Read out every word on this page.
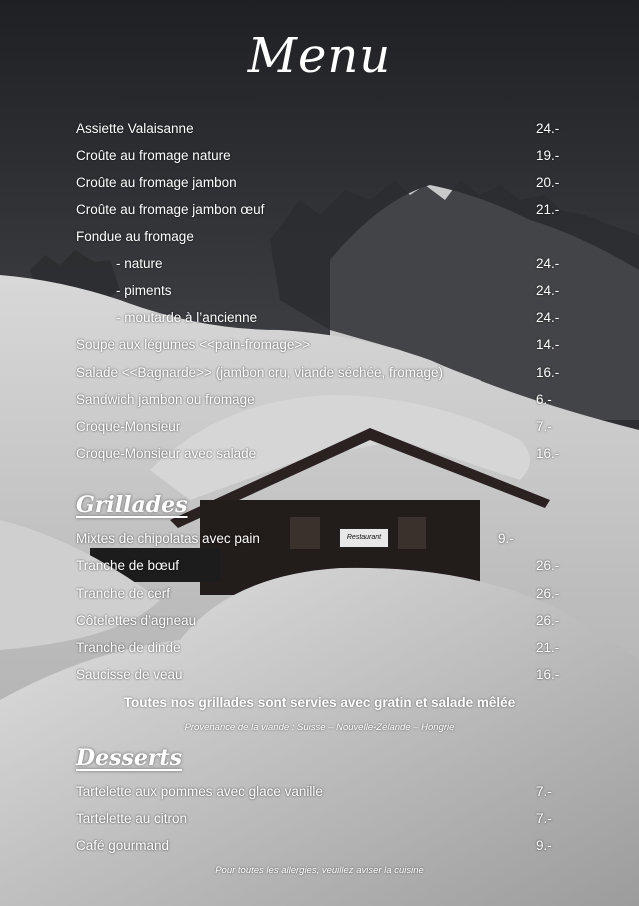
Restaurant
Menu
Assiette Valaisanne	24.-
Croûte au fromage nature	19.-
Croûte au fromage jambon	20.-
Croûte au fromage jambon œuf	21.-
Fondue au fromage
- nature	24.-
- piments	24.-
- moutarde à l’ancienne	24.-
Soupe aux légumes <<pain-fromage>>	14.-
Salade <<Bagnarde>> (jambon cru, viande séchée, fromage)	16.-
Sandwich jambon ou fromage	6.-
Croque-Monsieur	7.-
Croque-Monsieur avec salade	16.-
Grillades
Mixtes de chipolatas avec pain	9.-
Tranche de bœuf	26.-
Tranche de cerf	26.-
Côtelettes d’agneau	26.-
Tranche de dinde	21.-
Saucisse de veau	16.-
Toutes nos grillades sont servies avec gratin et salade mêlée
Provenance de la viande : Suisse – Nouvelle-Zélande – Hongrie
Desserts
Tartelette aux pommes avec glace vanille	7.-
Tartelette au citron	7.-
Café gourmand	9.-
Pour toutes les allergies, veuillez aviser la cuisine
